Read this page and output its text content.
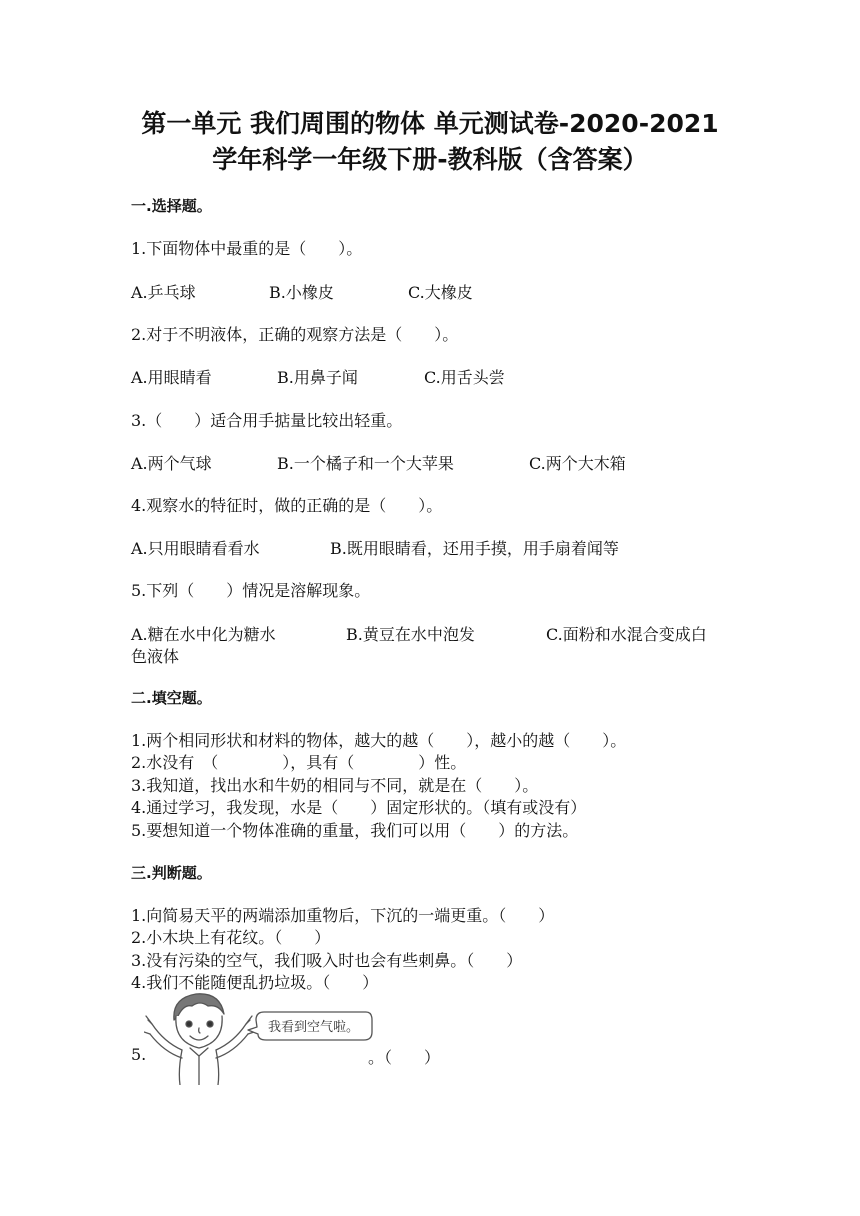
第一单元 我们周围的物体 单元测试卷-2020-2021
学年科学一年级下册-教科版（含答案）
一.选择题。
1.下面物体中最重的是（　　）。
A.乒乓球	B.小橡皮	C.大橡皮
2.对于不明液体，正确的观察方法是（　　）。
A.用眼睛看	B.用鼻子闻	C.用舌头尝
3.（　　）适合用手掂量比较出轻重。
A.两个气球	B.一个橘子和一个大苹果	C.两个大木箱
4.观察水的特征时，做的正确的是（　　）。
A.只用眼睛看看水	B.既用眼睛看，还用手摸，用手扇着闻等
5.下列（　　）情况是溶解现象。
A.糖在水中化为糖水	B.黄豆在水中泡发	C.面粉和水混合变成白
色液体
二.填空题。
1.两个相同形状和材料的物体，越大的越（　　），越小的越（　　）。
2.水没有　（　　　　），具有（　　　　）性。
3.我知道，找出水和牛奶的相同与不同，就是在（　　）。
4.通过学习，我发现，水是（　　）固定形状的。（填有或没有）
5.要想知道一个物体准确的重量，我们可以用（　　）的方法。
三.判断题。
1.向简易天平的两端添加重物后，下沉的一端更重。（　　）
2.小木块上有花纹。（　　）
3.没有污染的空气，我们吸入时也会有些刺鼻。（　　）
4.我们不能随便乱扔垃圾。（　　）
5.	。（　　）
我看到空气啦。
